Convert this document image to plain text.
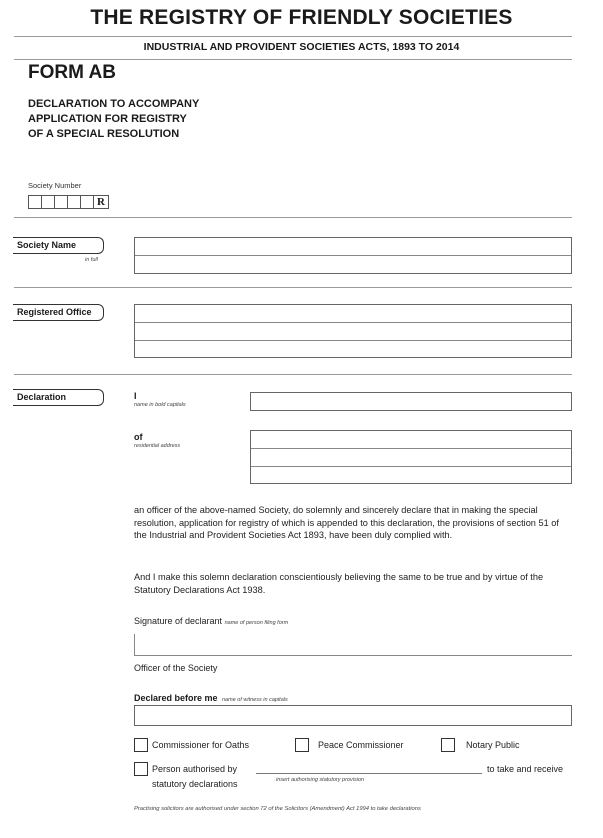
THE REGISTRY OF FRIENDLY SOCIETIES
INDUSTRIAL AND PROVIDENT SOCIETIES ACTS, 1893 TO 2014
FORM AB
DECLARATION TO ACCOMPANY
APPLICATION FOR REGISTRY
OF A SPECIAL RESOLUTION
Society Number
R
Society Name
in full
Registered Office
Declaration	I
name in bold capitals
of
residential address
an officer of the above-named Society, do solemnly and sincerely declare that in making the special resolution, application for registry of which is appended to this declaration, the provisions of section 51 of the Industrial and Provident Societies Act 1893, have been duly complied with.
And I make this solemn declaration conscientiously believing the same to be true and by virtue of the Statutory Declarations Act 1938.
Signature of declarant name of person filing form
Officer of the Society
Declared before me name of witness in capitals
Commissioner for Oaths	Peace Commissioner	Notary Public
Person authorised by
statutory declarations	insert authorising statutory provision
to take and receive
Practising solicitors are authorised under section 72 of the Solicitors (Amendment) Act 1994 to take declarations
